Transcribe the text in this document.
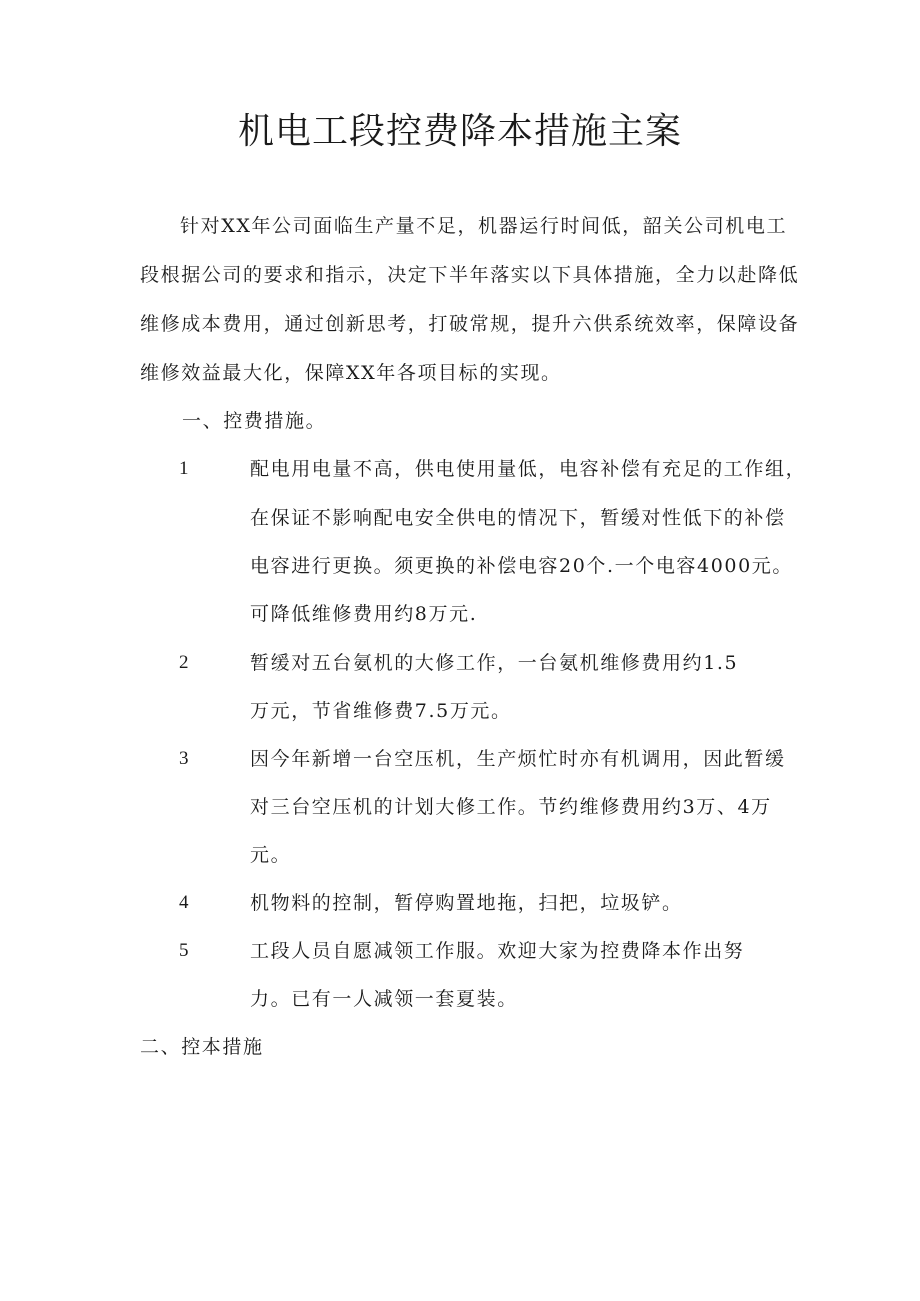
机电工段控费降本措施主案
针对XX年公司面临生产量不足，机器运行时间低，韶关公司机电工
段根据公司的要求和指示，决定下半年落实以下具体措施，全力以赴降低
维修成本费用，通过创新思考，打破常规，提升六供系统效率，保障设备
维修效益最大化，保障XX年各项目标的实现。
一、控费措施。
1	配电用电量不高，供电使用量低，电容补偿有充足的工作组，
在保证不影响配电安全供电的情况下，暂缓对性低下的补偿
电容进行更换。须更换的补偿电容20个.一个电容4000元。
可降低维修费用约8万元.
2	暂缓对五台氨机的大修工作，一台氨机维修费用约1.5
万元，节省维修费7.5万元。
3	因今年新增一台空压机，生产烦忙时亦有机调用，因此暂缓
对三台空压机的计划大修工作。节约维修费用约3万、4万
元。
4	机物料的控制，暂停购置地拖，扫把，垃圾铲。
5	工段人员自愿减领工作服。欢迎大家为控费降本作出努
力。已有一人减领一套夏装。
二、控本措施
